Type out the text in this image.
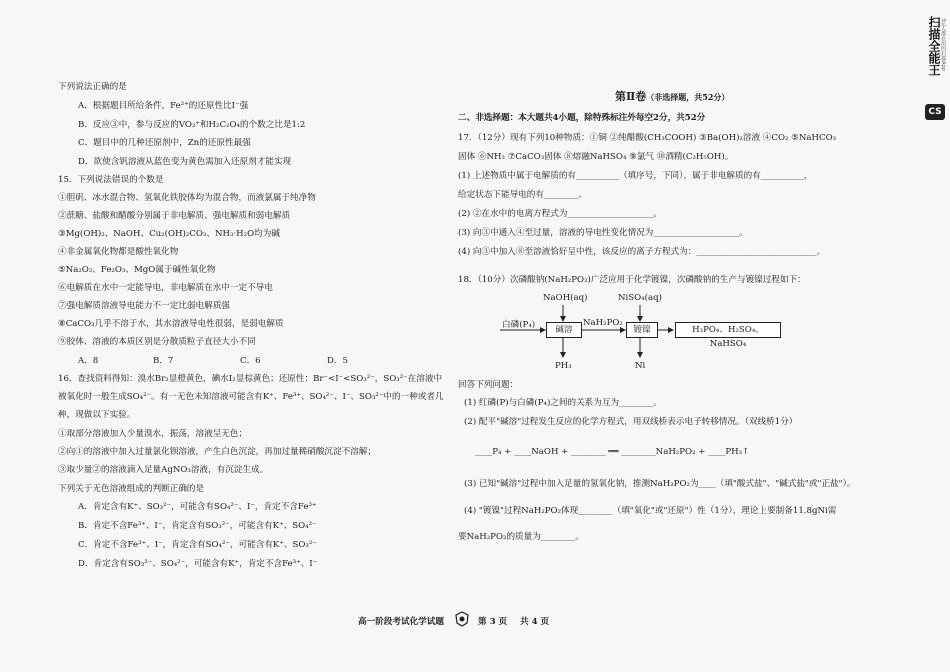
扫描全能王 3亿人都在用的扫描App
CS
下列说法正确的是
A．根据题目所给条件，Fe²⁺的还原性比I⁻强
B．反应③中，参与反应的VO₂⁺和H₂C₂O₄的个数之比是1:2
C．题目中的几种还原剂中，Zn的还原性最强
D．欲使含钒溶液从蓝色变为黄色需加入还原剂才能实现
15．下列说法错误的个数是
①胆矾、冰水混合物、氢氧化铁胶体均为混合物，而液氯属于纯净物
②蔗糖、盐酸和醋酸分别属于非电解质、强电解质和弱电解质
③Mg(OH)₂、NaOH、Cu₂(OH)₂CO₃、NH₃·H₂O均为碱
④非金属氧化物都是酸性氧化物
⑤Na₂O₂、Fe₂O₃、MgO属于碱性氧化物
⑥电解质在水中一定能导电，非电解质在水中一定不导电
⑦强电解质溶液导电能力不一定比弱电解质强
⑧CaCO₃几乎不溶于水，其水溶液导电性很弱，是弱电解质
⑨胶体、溶液的本质区别是分散质粒子直径大小不同
A．8	B．7	C．6	D．5
16．查找资料得知：溴水Br₂显橙黄色，碘水I₂显棕黄色；还原性：Br⁻<I⁻<SO₃²⁻，SO₃²⁻在溶液中
被氧化时一般生成SO₄²⁻。有一无色未知溶液可能含有K⁺、Fe³⁺、SO₄²⁻、I⁻、SO₃²⁻中的一种或者几
种，现做以下实验。
①取部分溶液加入少量溴水，振荡，溶液呈无色；
②向①的溶液中加入过量氯化钡溶液，产生白色沉淀，再加过量稀硝酸沉淀不溶解；
③取少量②的溶液滴入足量AgNO₃溶液，有沉淀生成。
下列关于无色溶液组成的判断正确的是
A．肯定含有K⁺、SO₃²⁻，可能含有SO₄²⁻、I⁻，肯定不含Fe³⁺
B．肯定不含Fe³⁺、I⁻，肯定含有SO₃²⁻，可能含有K⁺、SO₄²⁻
C．肯定不含Fe³⁺、I⁻，肯定含有SO₄²⁻，可能含有K⁺、SO₃²⁻
D．肯定含有SO₃²⁻、SO₄²⁻，可能含有K⁺，肯定不含Fe³⁺、I⁻
第Ⅱ卷（非选择题，共52分）
二、非选择题：本大题共4小题，除特殊标注外每空2分，共52分
17．（12分）现有下列10种物质：①铜 ②纯醋酸(CH₃COOH) ③Ba(OH)₂溶液 ④CO₂ ⑤NaHCO₃
固体 ⑥NH₃ ⑦CaCO₃固体 ⑧熔融NaHSO₄ ⑨氯气 ⑩酒精(C₂H₅OH)。
(1) 上述物质中属于电解质的有__________（填序号，下同），属于非电解质的有__________，
给定状态下能导电的有________。
(2) ②在水中的电离方程式为____________________。
(3) 向③中通入④至过量，溶液的导电性变化情况为____________________。
(4) 向③中加入⑧至溶液恰好呈中性，该反应的离子方程式为：____________________________。
18．（10分）次磷酸钠(NaH₂PO₂)广泛应用于化学镀镍，次磷酸钠的生产与镀镍过程如下：
NaOH(aq)	NiSO₄(aq)
白磷(P₄)	碱溶
NaH₂PO₂
镀镍	H₃PO₄、H₂SO₄、NaHSO₄
PH₃	Ni
回答下列问题：
(1) 红磷(P)与白磷(P₄)之间的关系为互为________。
(2) 配平"碱溶"过程发生反应的化学方程式，用双线桥表示电子转移情况。（双线桥1分）
____P₄ + ____NaOH + ________ ══ ________NaH₂PO₂ + ____PH₃↑
(3) 已知"碱溶"过程中加入足量的氢氧化钠，推测NaH₂PO₂为____（填"酸式盐"、"碱式盐"或"正盐"）。
(4) "镀镍"过程NaH₂PO₂体现________（填"氧化"或"还原"）性（1分），理论上要制备11.8gNi需
要NaH₂PO₂的质量为________。
高一阶段考试化学试题	第 3 页 共 4 页
